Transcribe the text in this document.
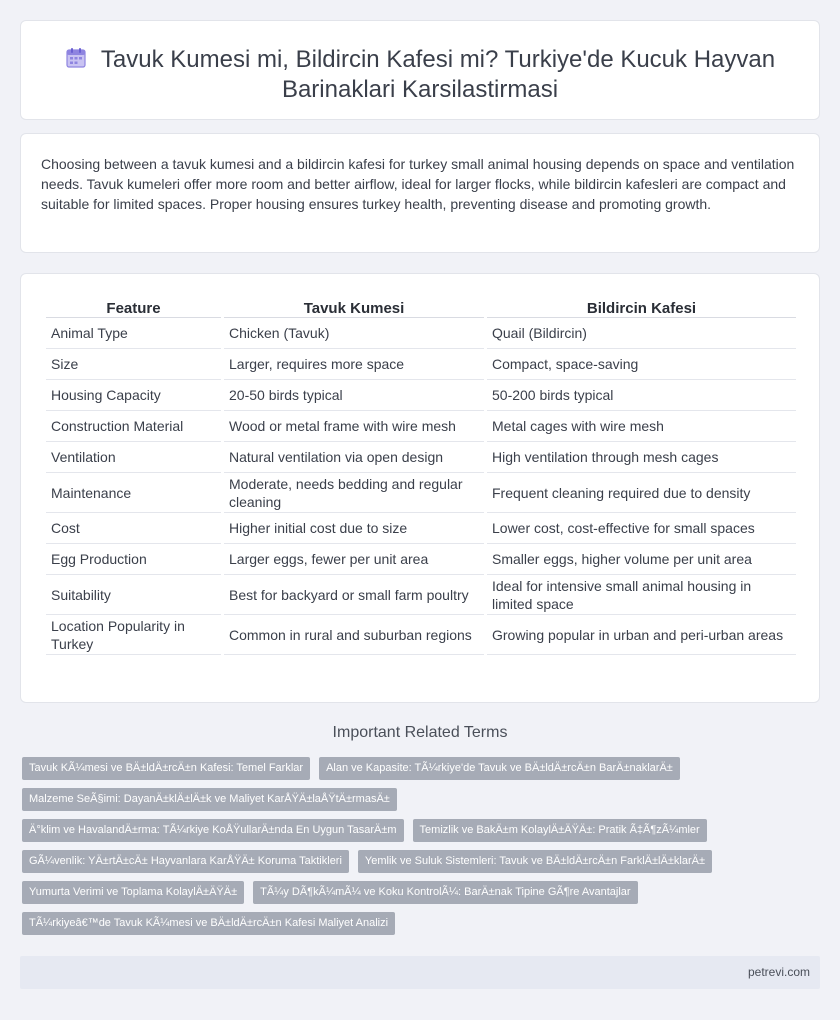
Tavuk Kumesi mi, Bildircin Kafesi mi? Turkiye'de Kucuk Hayvan Barinaklari Karsilastirmasi

Choosing between a tavuk kumesi and a bildircin kafesi for turkey small animal housing depends on space and ventilation needs. Tavuk kumeleri offer more room and better airflow, ideal for larger flocks, while bildircin kafesleri are compact and suitable for limited spaces. Proper housing ensures turkey health, preventing disease and promoting growth.

Feature	Tavuk Kumesi	Bildircin Kafesi
Animal Type	Chicken (Tavuk)	Quail (Bildircin)
Size	Larger, requires more space	Compact, space-saving
Housing Capacity	20-50 birds typical	50-200 birds typical
Construction Material	Wood or metal frame with wire mesh	Metal cages with wire mesh
Ventilation	Natural ventilation via open design	High ventilation through mesh cages
Maintenance	Moderate, needs bedding and regular cleaning	Frequent cleaning required due to density
Cost	Higher initial cost due to size	Lower cost, cost-effective for small spaces
Egg Production	Larger eggs, fewer per unit area	Smaller eggs, higher volume per unit area
Suitability	Best for backyard or small farm poultry	Ideal for intensive small animal housing in limited space
Location Popularity in Turkey	Common in rural and suburban regions	Growing popular in urban and peri-urban areas
Important Related Terms
Tavuk KÃ¼mesi ve BÄ±ldÄ±rcÄ±n Kafesi: Temel Farklar	Alan ve Kapasite: TÃ¼rkiye'de Tavuk ve BÄ±ldÄ±rcÄ±n BarÄ±naklarÄ±
Malzeme SeÃ§imi: DayanÄ±klÄ±lÄ±k ve Maliyet KarÅŸÄ±laÅŸtÄ±rmasÄ±
Ä°klim ve HavalandÄ±rma: TÃ¼rkiye KoÅŸullarÄ±nda En Uygun TasarÄ±m	Temizlik ve BakÄ±m KolaylÄ±ÄŸÄ±: Pratik Ã‡Ã¶zÃ¼mler
GÃ¼venlik: YÄ±rtÄ±cÄ± Hayvanlara KarÅŸÄ± Koruma Taktikleri	Yemlik ve Suluk Sistemleri: Tavuk ve BÄ±ldÄ±rcÄ±n FarklÄ±lÄ±klarÄ±
Yumurta Verimi ve Toplama KolaylÄ±ÄŸÄ±	TÃ¼y DÃ¶kÃ¼mÃ¼ ve Koku KontrolÃ¼: BarÄ±nak Tipine GÃ¶re Avantajlar
TÃ¼rkiyeâ€™de Tavuk KÃ¼mesi ve BÄ±ldÄ±rcÄ±n Kafesi Maliyet Analizi
petrevi.com
